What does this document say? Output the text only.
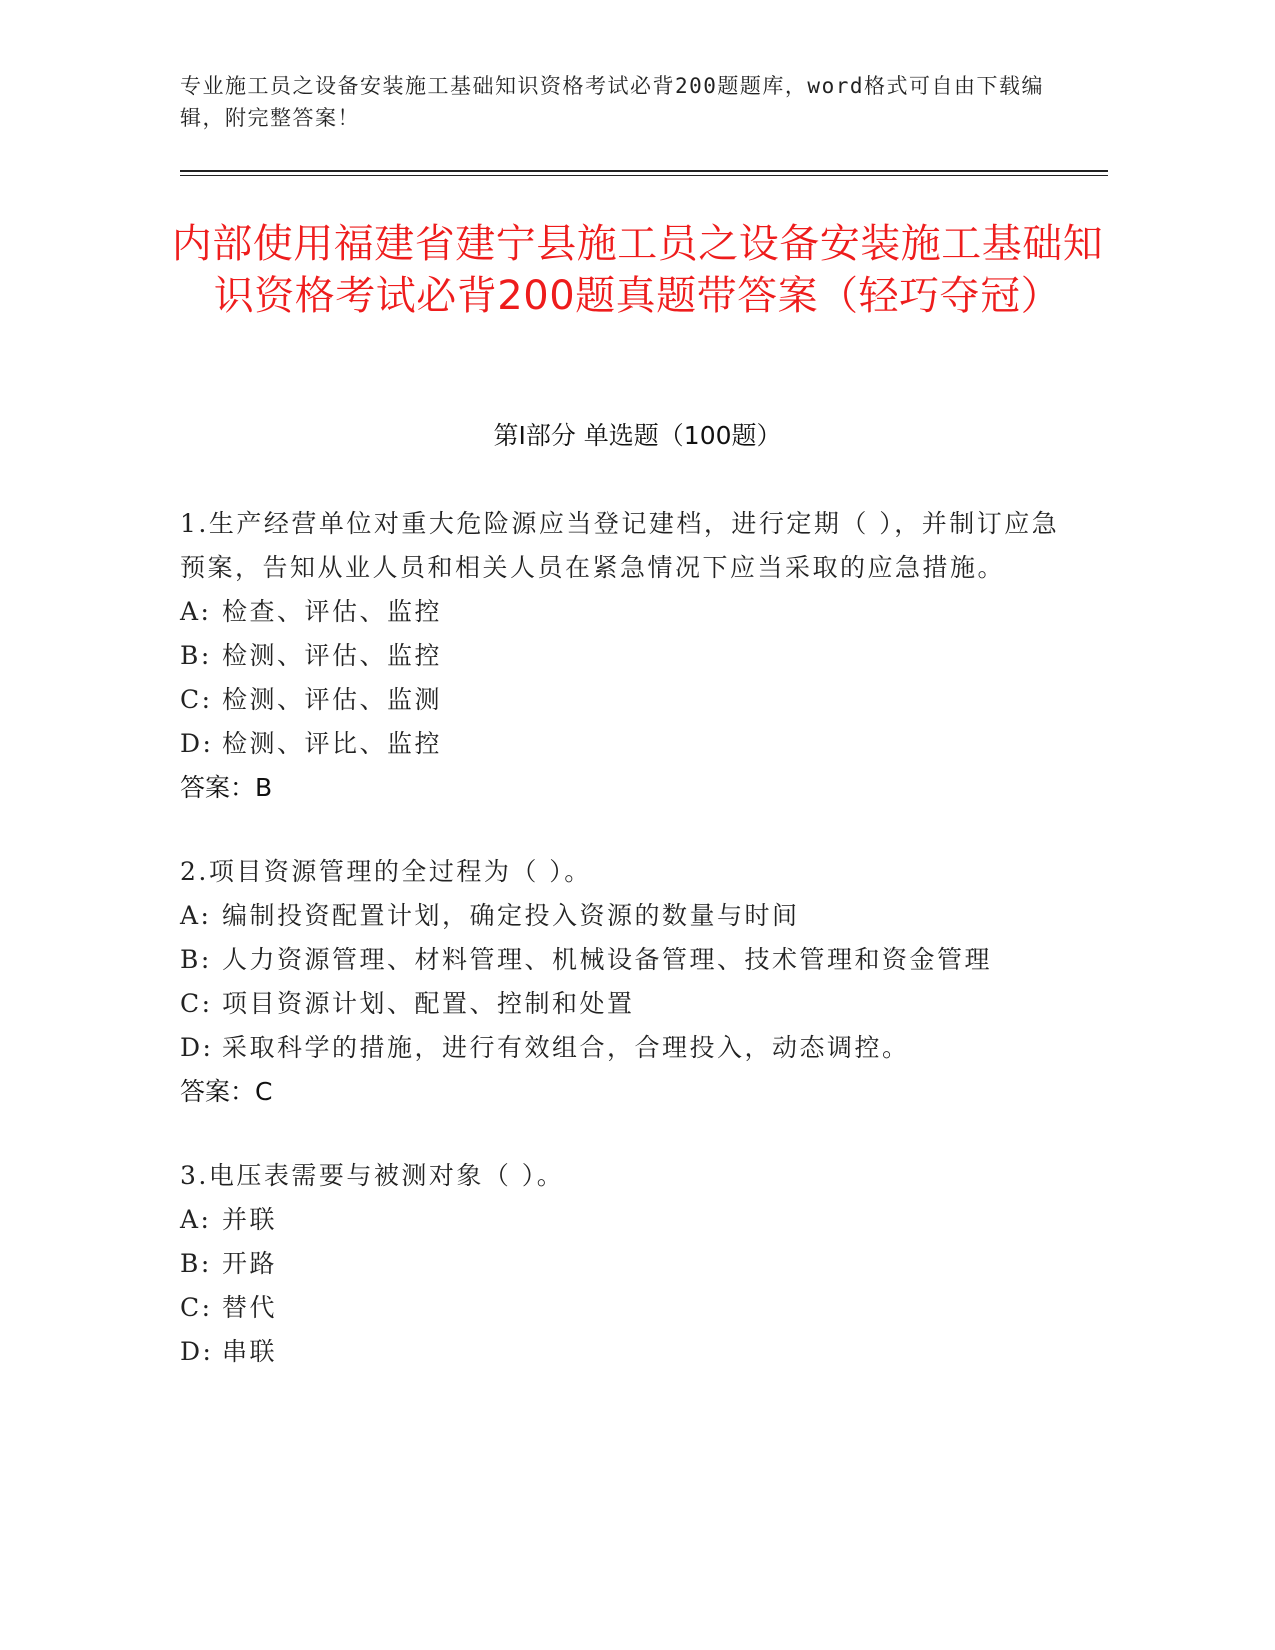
专业施工员之设备安装施工基础知识资格考试必背200题题库，word格式可自由下载编辑，附完整答案！
内部使用福建省建宁县施工员之设备安装施工基础知识资格考试必背200题真题带答案（轻巧夺冠）
第Ⅰ部分 单选题（100题）
1.生产经营单位对重大危险源应当登记建档，进行定期（ ），并制订应急预案，告知从业人员和相关人员在紧急情况下应当采取的应急措施。
A: 检查、评估、监控
B: 检测、评估、监控
C: 检测、评估、监测
D: 检测、评比、监控
答案：B
2.项目资源管理的全过程为（ ）。
A: 编制投资配置计划，确定投入资源的数量与时间
B: 人力资源管理、材料管理、机械设备管理、技术管理和资金管理
C: 项目资源计划、配置、控制和处置
D: 采取科学的措施，进行有效组合，合理投入，动态调控。
答案：C
3.电压表需要与被测对象（ ）。
A: 并联
B: 开路
C: 替代
D: 串联
